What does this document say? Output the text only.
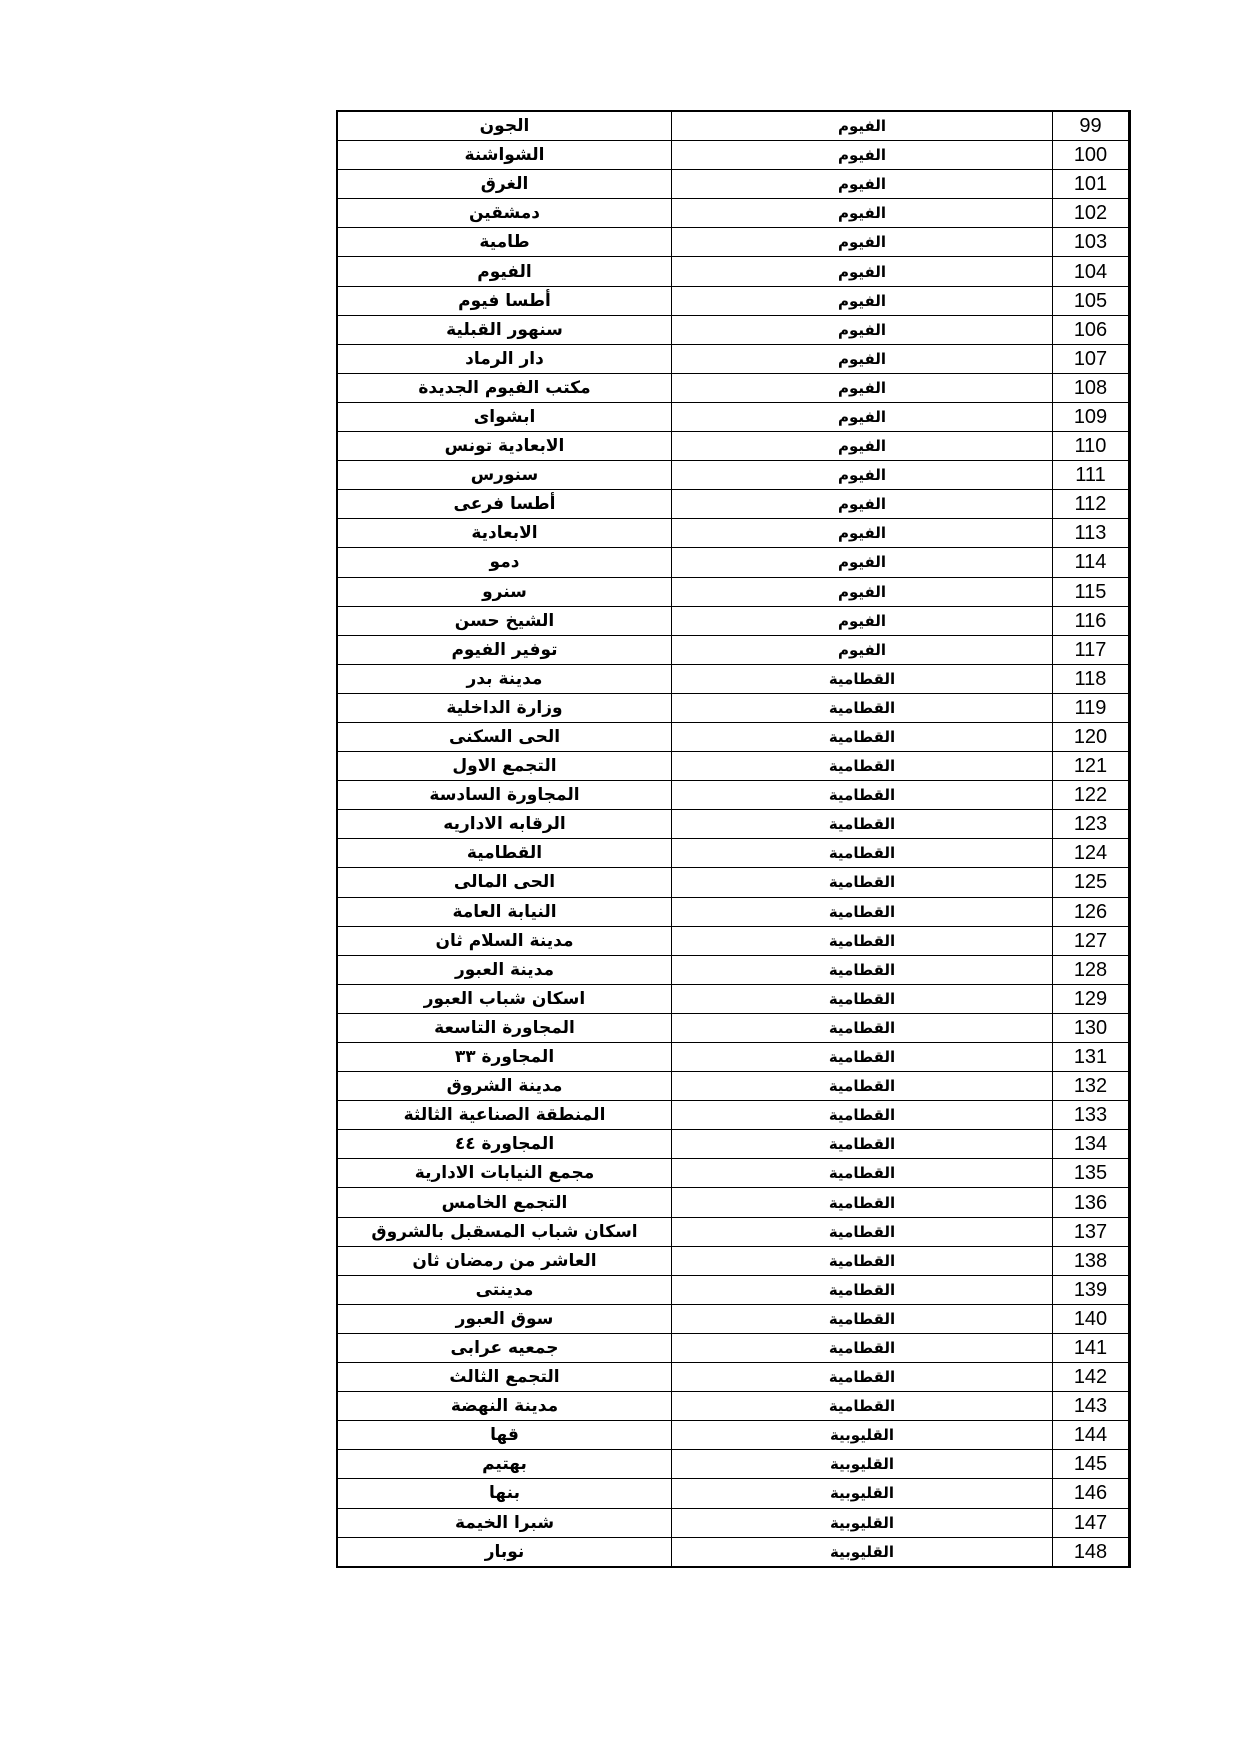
الجون	الفيوم	99
الشواشنة	الفيوم	100
الغرق	الفيوم	101
دمشقين	الفيوم	102
طامية	الفيوم	103
الفيوم	الفيوم	104
أطسا فيوم	الفيوم	105
سنهور القبلية	الفيوم	106
دار الرماد	الفيوم	107
مكتب الفيوم الجديدة	الفيوم	108
ابشواى	الفيوم	109
الابعادية تونس	الفيوم	110
سنورس	الفيوم	111
أطسا فرعى	الفيوم	112
الابعادية	الفيوم	113
دمو	الفيوم	114
سنرو	الفيوم	115
الشيخ حسن	الفيوم	116
توفير الفيوم	الفيوم	117
مدينة بدر	القطامية	118
وزارة الداخلية	القطامية	119
الحى السكنى	القطامية	120
التجمع الاول	القطامية	121
المجاورة السادسة	القطامية	122
الرقابه الاداريه	القطامية	123
القطامية	القطامية	124
الحى المالى	القطامية	125
النيابة العامة	القطامية	126
مدينة السلام ثان	القطامية	127
مدينة العبور	القطامية	128
اسكان شباب العبور	القطامية	129
المجاورة التاسعة	القطامية	130
المجاورة ٣٣	القطامية	131
مدينة الشروق	القطامية	132
المنطقة الصناعية الثالثة	القطامية	133
المجاورة ٤٤	القطامية	134
مجمع النيابات الادارية	القطامية	135
التجمع الخامس	القطامية	136
اسكان شباب المسقبل بالشروق	القطامية	137
العاشر من رمضان ثان	القطامية	138
مدينتى	القطامية	139
سوق العبور	القطامية	140
جمعيه عرابى	القطامية	141
التجمع الثالث	القطامية	142
مدينة النهضة	القطامية	143
قها	القليوبية	144
بهتيم	القليوبية	145
بنها	القليوبية	146
شبرا الخيمة	القليوبية	147
نوبار	القليوبية	148
